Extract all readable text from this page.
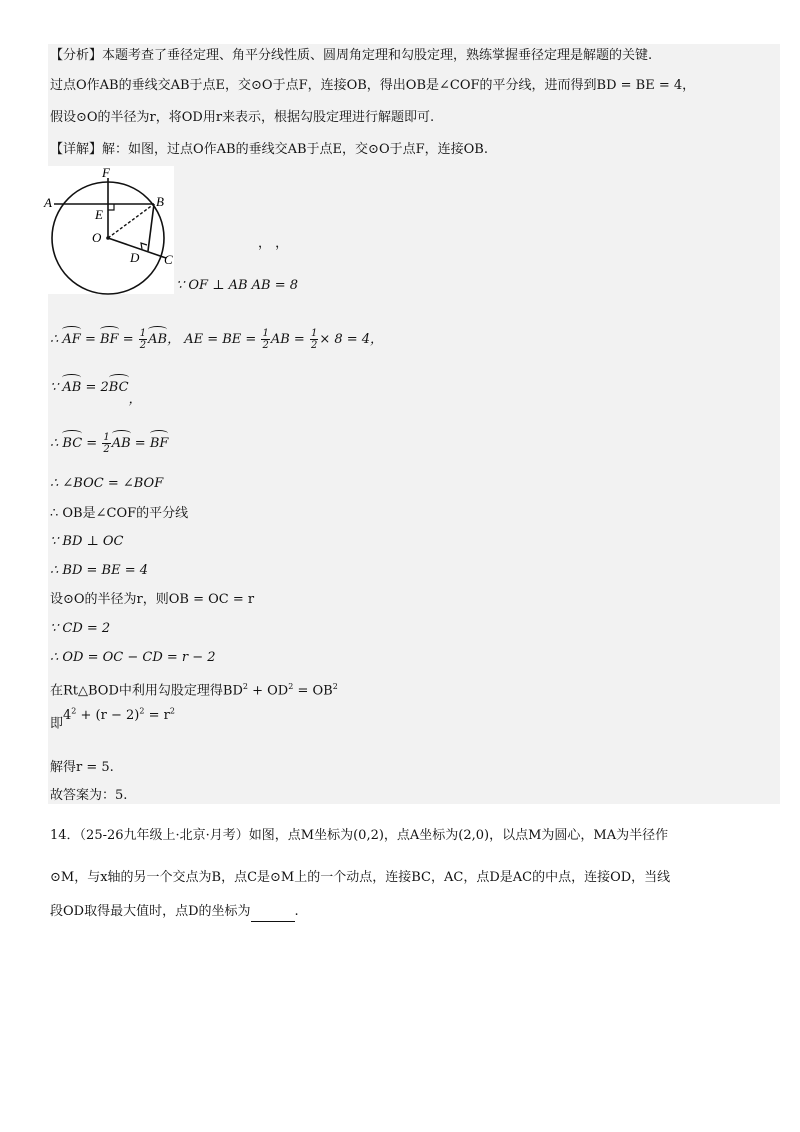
【分析】本题考查了垂径定理、角平分线性质、圆周角定理和勾股定理，熟练掌握垂径定理是解题的关键.
过点O作AB的垂线交AB于点E，交⊙O于点F，连接OB，得出OB是∠COF的平分线，进而得到BD = BE = 4，
假设⊙O的半径为r，将OD用r来表示，根据勾股定理进行解题即可.
【详解】解：如图，过点O作AB的垂线交AB于点E，交⊙O于点F，连接OB.
A	B
C
D
E
F
O	， ，
∵ OF ⊥ AB AB = 8
∴ AF = BF = $\frac{1}{2}$ AB， AE = BE = $\frac{1}{2}$ AB = $\frac{1}{2} \times 8 = 4$，
∵ AB = 2BC，
∴ BC = $\frac{1}{2}$ AB = BF
∴ ∠BOC = ∠BOF
∴ OB是∠COF的平分线
∵ BD ⊥ OC
∴ BD = BE = 4
设⊙O的半径为r，则OB = OC = r
∵ CD = 2
∴ OD = OC − CD = r − 2
在Rt△BOD中利用勾股定理得$BD^2 + OD^2 = OB^2$
即$4^2 + (r - 2)^2 = r^2$
解得r = 5.
故答案为：5.
14．（25-26九年级上·北京·月考）如图，点M坐标为(0,2)，点A坐标为(2,0)，以点M为圆心，MA为半径作
⊙M，与x轴的另一个交点为B，点C是⊙M上的一个动点，连接BC，AC，点D是AC的中点，连接OD，当线
段OD取得最大值时，点D的坐标为	.
